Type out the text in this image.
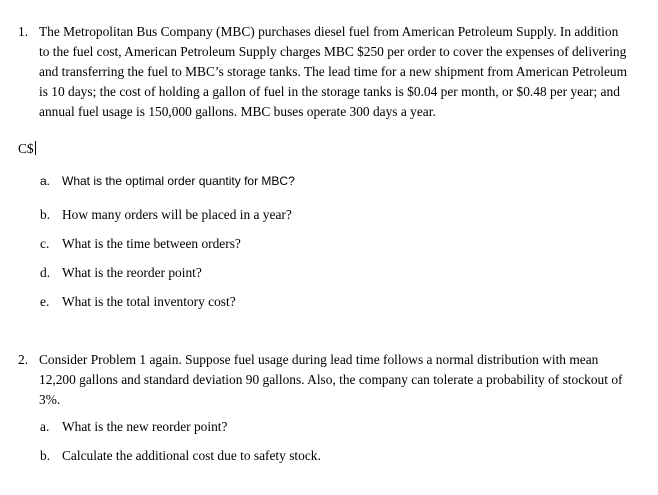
1. The Metropolitan Bus Company (MBC) purchases diesel fuel from American Petroleum Supply. In addition to the fuel cost, American Petroleum Supply charges MBC $250 per order to cover the expenses of delivering and transferring the fuel to MBC’s storage tanks. The lead time for a new shipment from American Petroleum is 10 days; the cost of holding a gallon of fuel in the storage tanks is $0.04 per month, or $0.48 per year; and annual fuel usage is 150,000 gallons. MBC buses operate 300 days a year.
C$
a. What is the optimal order quantity for MBC?
b. How many orders will be placed in a year?
c. What is the time between orders?
d. What is the reorder point?
e. What is the total inventory cost?
2. Consider Problem 1 again. Suppose fuel usage during lead time follows a normal distribution with mean 12,200 gallons and standard deviation 90 gallons. Also, the company can tolerate a probability of stockout of 3%.
a. What is the new reorder point?
b. Calculate the additional cost due to safety stock.
